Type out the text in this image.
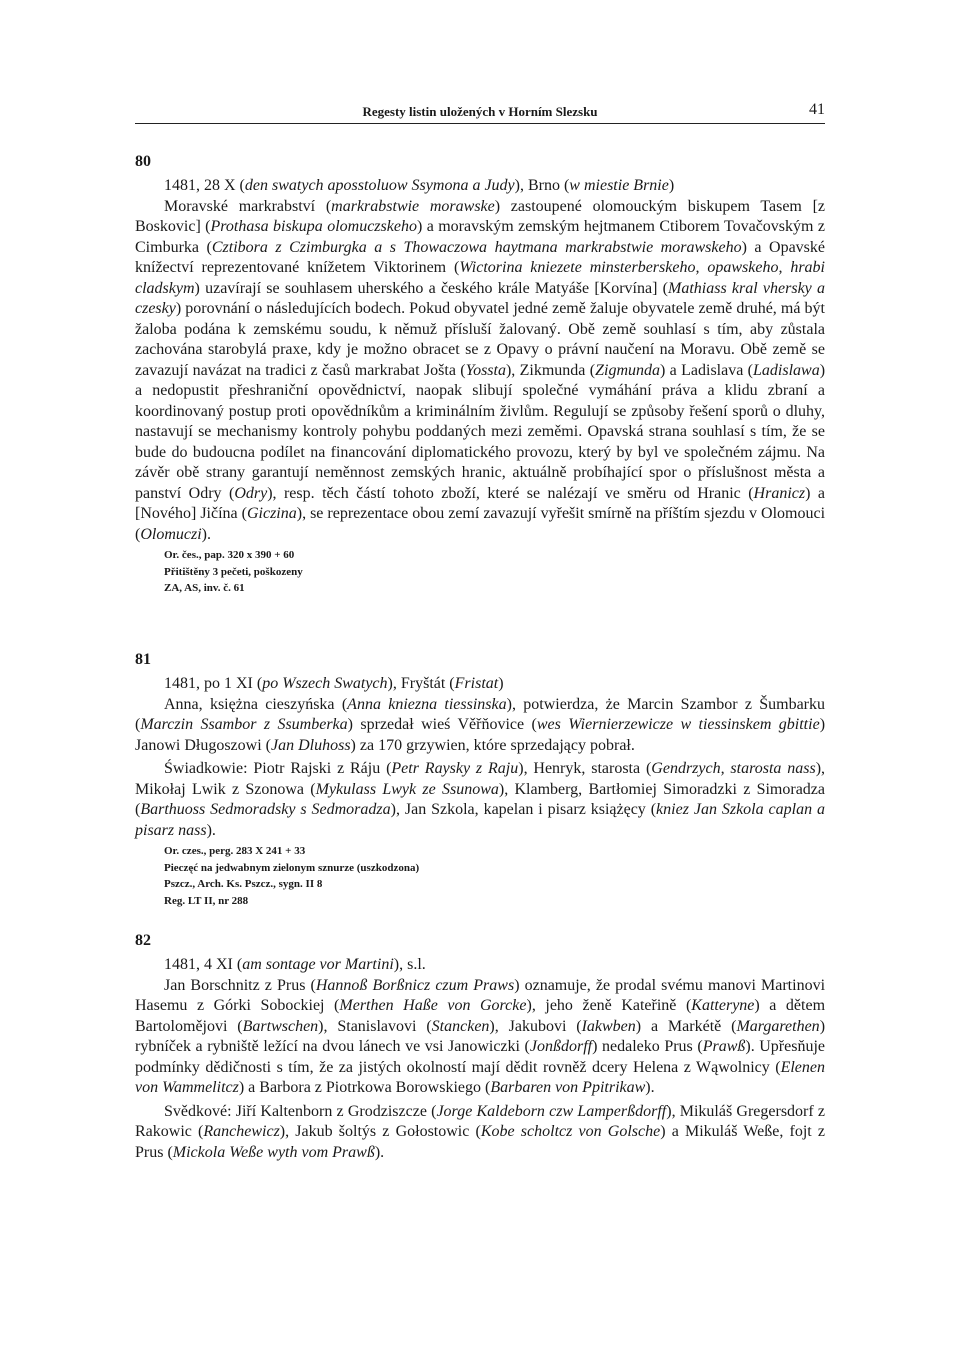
Regesty listin uložených v Horním Slezsku	41
80
1481, 28 X (den swatych aposstoluow Ssymona a Judy), Brno (w miestie Brnie)

Moravské markrabství (markrabstwie morawske) zastoupené olomouckým biskupem Tasem [z Boskovic] (Prothasa biskupa olomuczskeho) a moravským zemským hejtmanem Ctiborem Tovačovským z Cimburka (Cztibora z Czimburgka a s Thowaczowa haytmana markrabstwie morawskeho) a Opavské knížectví reprezentované knížetem Viktorinem (Wictorina kniezete minsterberskeho, opawskeho, hrabi cladskym) uzavírají se souhlasem uherského a českého krále Matyáše [Korvína] (Mathiass kral vhersky a czesky) porovnání o následujících bodech. Pokud obyvatel jedné země žaluje obyvatele země druhé, má být žaloba podána k zemskému soudu, k němuž přísluší žalovaný. Obě země souhlasí s tím, aby zůstala zachována starobylá praxe, kdy je možno obracet se z Opavy o právní naučení na Moravu. Obě země se zavazují navázat na tradici z časů markrabat Jošta (Yossta), Zikmunda (Zigmunda) a Ladislava (Ladislawa) a nedopustit přeshraniční opovědnictví, naopak slibují společné vymáhání práva a klidu zbraní a koordinovaný postup proti opovědníkům a kriminálním živlům. Regulují se způsoby řešení sporů o dluhy, nastavují se mechanismy kontroly pohybu poddaných mezi zeměmi. Opavská strana souhlasí s tím, že se bude do budoucna podílet na financování diplomatického provozu, který by byl ve společném zájmu. Na závěr obě strany garantují neměnnost zemských hranic, aktuálně probíhající spor o příslušnost města a panství Odry (Odry), resp. těch částí tohoto zboží, které se nalézají ve směru od Hranic (Hranicz) a [Nového] Jičína (Giczina), se reprezentace obou zemí zavazují vyřešit smírně na příštím sjezdu v Olomouci (Olomuczi).

Or. čes., pap. 320 x 390 + 60
Přitištěny 3 pečeti, poškozeny
ZA, AS, inv. č. 61
81
1481, po 1 XI (po Wszech Swatych), Fryštát (Fristat)

Anna, księżna cieszyńska (Anna kniezna tiessinska), potwierdza, że Marcin Szambor z Šumbarku (Marczin Ssambor z Ssumberka) sprzedał wieś Věřňovice (wes Wiernierzewicze w tiessinskem gbittie) Janowi Długoszowi (Jan Dluhoss) za 170 grzywien, które sprzedający pobrał.

Świadkowie: Piotr Rajski z Ráju (Petr Raysky z Raju), Henryk, starosta (Gendrzych, starosta nass), Mikołaj Lwik z Szonowa (Mykulass Lwyk ze Ssunowa), Klamberg, Bartłomiej Simoradzki z Simoradza (Barthuoss Sedmoradsky s Sedmoradza), Jan Szkola, kapelan i pisarz książęcy (kniez Jan Szkola caplan a pisarz nass).

Or. czes., perg. 283 X 241 + 33
Pieczęć na jedwabnym zielonym sznurze (uszkodzona)
Pszcz., Arch. Ks. Pszcz., sygn. II 8
Reg. LT II, nr 288
82
1481, 4 XI (am sontage vor Martini), s.l.

Jan Borschnitz z Prus (Hannoß Borßnicz czum Praws) oznamuje, že prodal svému manovi Martinovi Hasemu z Górki Sobockiej (Merthen Haße von Gorcke), jeho ženě Kateřině (Katteryne) a dětem Bartolomějovi (Bartwschen), Stanislavovi (Stancken), Jakubovi (Iakwben) a Markétě (Margarethen) rybníček a rybniště ležící na dvou lánech ve vsi Janowiczki (Jonßdorff) nedaleko Prus (Prawß). Upřesňuje podmínky dědičnosti s tím, že za jistých okolností mají dědit rovněž dcery Helena z Wąwolnicy (Elenen von Wammelitcz) a Barbora z Piotrkowa Borowskiego (Barbaren von Ppitrikaw).

Svědkové: Jiří Kaltenborn z Grodziszcze (Jorge Kaldeborn czw Lamperßdorff), Mikuláš Gregersdorf z Rakowic (Ranchewicz), Jakub šoltýs z Gołostowic (Kobe scholtcz von Golsche) a Mikuláš Weße, fojt z Prus (Mickola Weße wyth vom Prawß).
